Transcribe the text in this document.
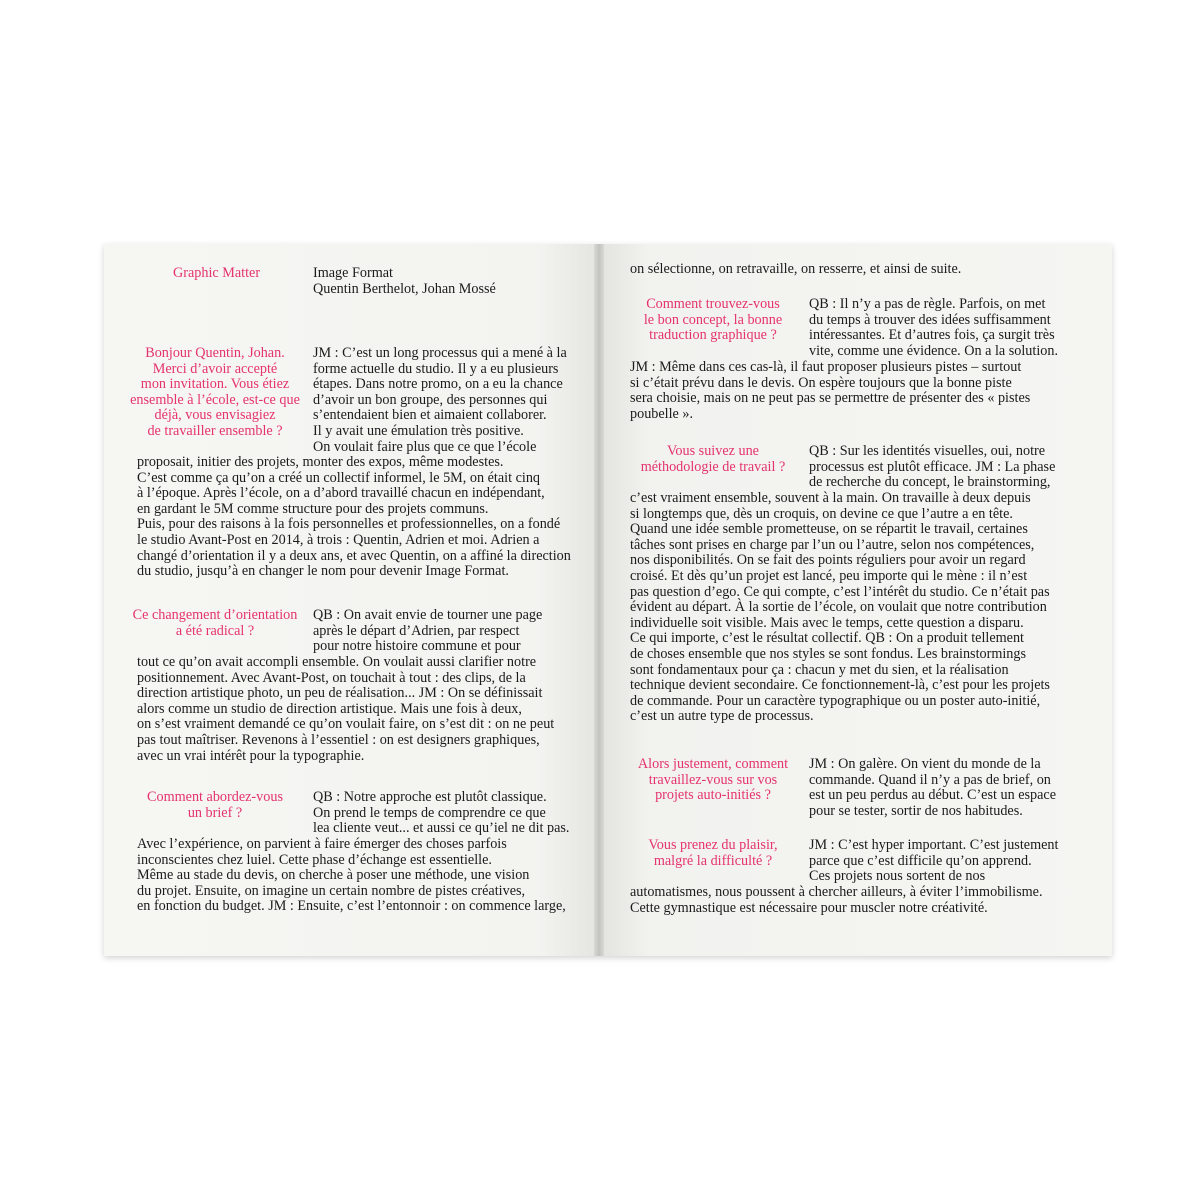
Graphic Matter	Image Format
Quentin Berthelot, Johan Mossé
Bonjour Quentin, Johan.
Merci d’avoir accepté
mon invitation. Vous étiez
ensemble à l’école, est-ce que
déjà, vous envisagiez
de travailler ensemble ?
JM : C’est un long processus qui a mené à la
forme actuelle du studio. Il y a eu plusieurs
étapes. Dans notre promo, on a eu la chance
d’avoir un bon groupe, des personnes qui
s’entendaient bien et aimaient collaborer.
Il y avait une émulation très positive.
On voulait faire plus que ce que l’école
proposait, initier des projets, monter des expos, même modestes.
C’est comme ça qu’on a créé un collectif informel, le 5M, on était cinq
à l’époque. Après l’école, on a d’abord travaillé chacun en indépendant,
en gardant le 5M comme structure pour des projets communs.
Puis, pour des raisons à la fois personnelles et professionnelles, on a fondé
le studio Avant-Post en 2014, à trois : Quentin, Adrien et moi. Adrien a
changé d’orientation il y a deux ans, et avec Quentin, on a affiné la direction
du studio, jusqu’à en changer le nom pour devenir Image Format.
Ce changement d’orientation
a été radical ?
QB : On avait envie de tourner une page
après le départ d’Adrien, par respect
pour notre histoire commune et pour
tout ce qu’on avait accompli ensemble. On voulait aussi clarifier notre
positionnement. Avec Avant-Post, on touchait à tout : des clips, de la
direction artistique photo, un peu de réalisation... JM : On se définissait
alors comme un studio de direction artistique. Mais une fois à deux,
on s’est vraiment demandé ce qu’on voulait faire, on s’est dit : on ne peut
pas tout maîtriser. Revenons à l’essentiel : on est designers graphiques,
avec un vrai intérêt pour la typographie.
Comment abordez-vous
un brief ?
QB : Notre approche est plutôt classique.
On prend le temps de comprendre ce que
lea cliente veut... et aussi ce qu’iel ne dit pas.
Avec l’expérience, on parvient à faire émerger des choses parfois
inconscientes chez luiel. Cette phase d’échange est essentielle.
Même au stade du devis, on cherche à poser une méthode, une vision
du projet. Ensuite, on imagine un certain nombre de pistes créatives,
en fonction du budget. JM : Ensuite, c’est l’entonnoir : on commence large,
on sélectionne, on retravaille, on resserre, et ainsi de suite.
Comment trouvez-vous
le bon concept, la bonne
traduction graphique ?
QB : Il n’y a pas de règle. Parfois, on met
du temps à trouver des idées suffisamment
intéressantes. Et d’autres fois, ça surgit très
vite, comme une évidence. On a la solution.
JM : Même dans ces cas-là, il faut proposer plusieurs pistes – surtout
si c’était prévu dans le devis. On espère toujours que la bonne piste
sera choisie, mais on ne peut pas se permettre de présenter des « pistes
poubelle ».
Vous suivez une
méthodologie de travail ?
QB : Sur les identités visuelles, oui, notre
processus est plutôt efficace. JM : La phase
de recherche du concept, le brainstorming,
c’est vraiment ensemble, souvent à la main. On travaille à deux depuis
si longtemps que, dès un croquis, on devine ce que l’autre a en tête.
Quand une idée semble prometteuse, on se répartit le travail, certaines
tâches sont prises en charge par l’un ou l’autre, selon nos compétences,
nos disponibilités. On se fait des points réguliers pour avoir un regard
croisé. Et dès qu’un projet est lancé, peu importe qui le mène : il n’est
pas question d’ego. Ce qui compte, c’est l’intérêt du studio. Ce n’était pas
évident au départ. À la sortie de l’école, on voulait que notre contribution
individuelle soit visible. Mais avec le temps, cette question a disparu.
Ce qui importe, c’est le résultat collectif. QB : On a produit tellement
de choses ensemble que nos styles se sont fondus. Les brainstormings
sont fondamentaux pour ça : chacun y met du sien, et la réalisation
technique devient secondaire. Ce fonctionnement-là, c’est pour les projets
de commande. Pour un caractère typographique ou un poster auto-initié,
c’est un autre type de processus.
Alors justement, comment
travaillez-vous sur vos
projets auto-initiés ?
JM : On galère. On vient du monde de la
commande. Quand il n’y a pas de brief, on
est un peu perdus au début. C’est un espace
pour se tester, sortir de nos habitudes.
Vous prenez du plaisir,
malgré la difficulté ?
JM : C’est hyper important. C’est justement
parce que c’est difficile qu’on apprend.
Ces projets nous sortent de nos
automatismes, nous poussent à chercher ailleurs, à éviter l’immobilisme.
Cette gymnastique est nécessaire pour muscler notre créativité.
